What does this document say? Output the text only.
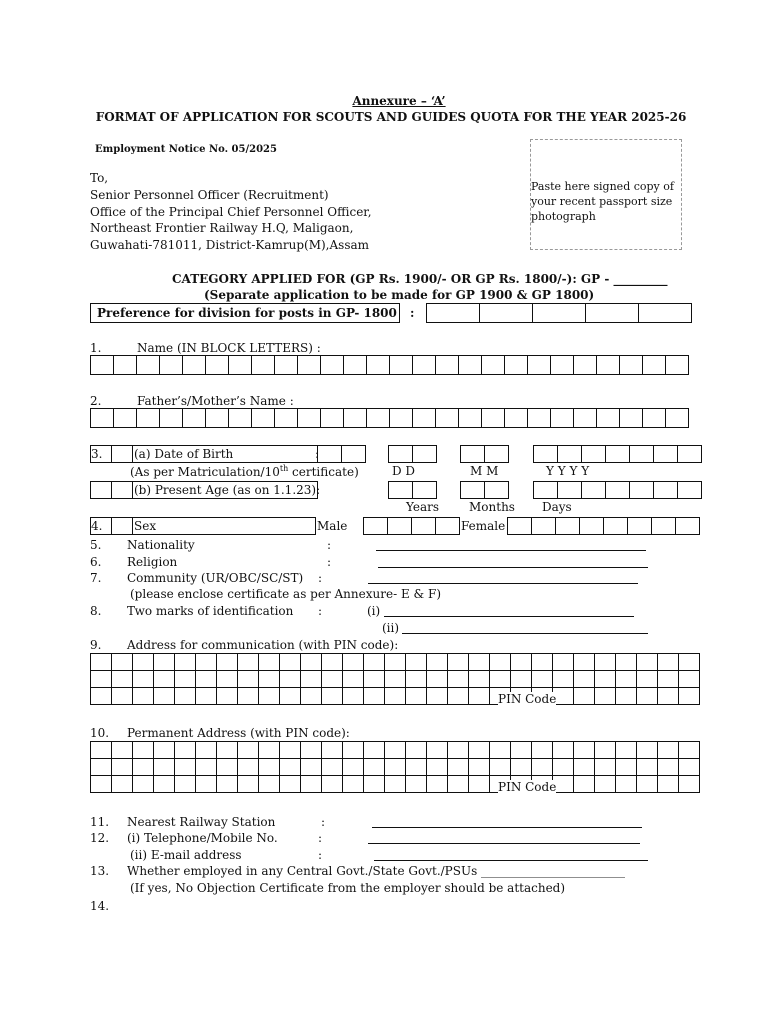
Annexure – ‘A’
FORMAT OF APPLICATION FOR SCOUTS AND GUIDES QUOTA FOR THE YEAR 2025-26
Employment Notice No. 05/2025
To,
Senior Personnel Officer (Recruitment)
Office of the Principal Chief Personnel Officer,
Northeast Frontier Railway H.Q, Maligaon,
Guwahati-781011, District-Kamrup(M),Assam
Paste here signed copy of
your recent passport size
photograph
CATEGORY APPLIED FOR (GP Rs. 1900/- OR GP Rs. 1800/-): GP - _________
(Separate application to be made for GP 1900 & GP 1800)
Preference for division for posts in GP- 1800 :
1.	Name (IN BLOCK LETTERS) :
2.	Father’s/Mother’s Name :
3.	(a) Date of Birth	:
(As per Matriculation/10th certificate)	D D	M M	Y Y Y Y
(b) Present Age (as on 1.1.23):
Years Months Days
4.	Sex	Male	Female
5. Nationality	:
6. Religion	:
7. Community (UR/OBC/SC/ST) :
(please enclose certificate as per Annexure- E & F)
8. Two marks of identification :	(i)
(ii)
9. Address for communication (with PIN code):
PIN Code
10. Permanent Address (with PIN code):
PIN Code
11. Nearest Railway Station	:
12. (i) Telephone/Mobile No.	:
(ii) E-mail address	:
13. Whether employed in any Central Govt./State Govt./PSUs ________________________
(If yes, No Objection Certificate from the employer should be attached)
14.
